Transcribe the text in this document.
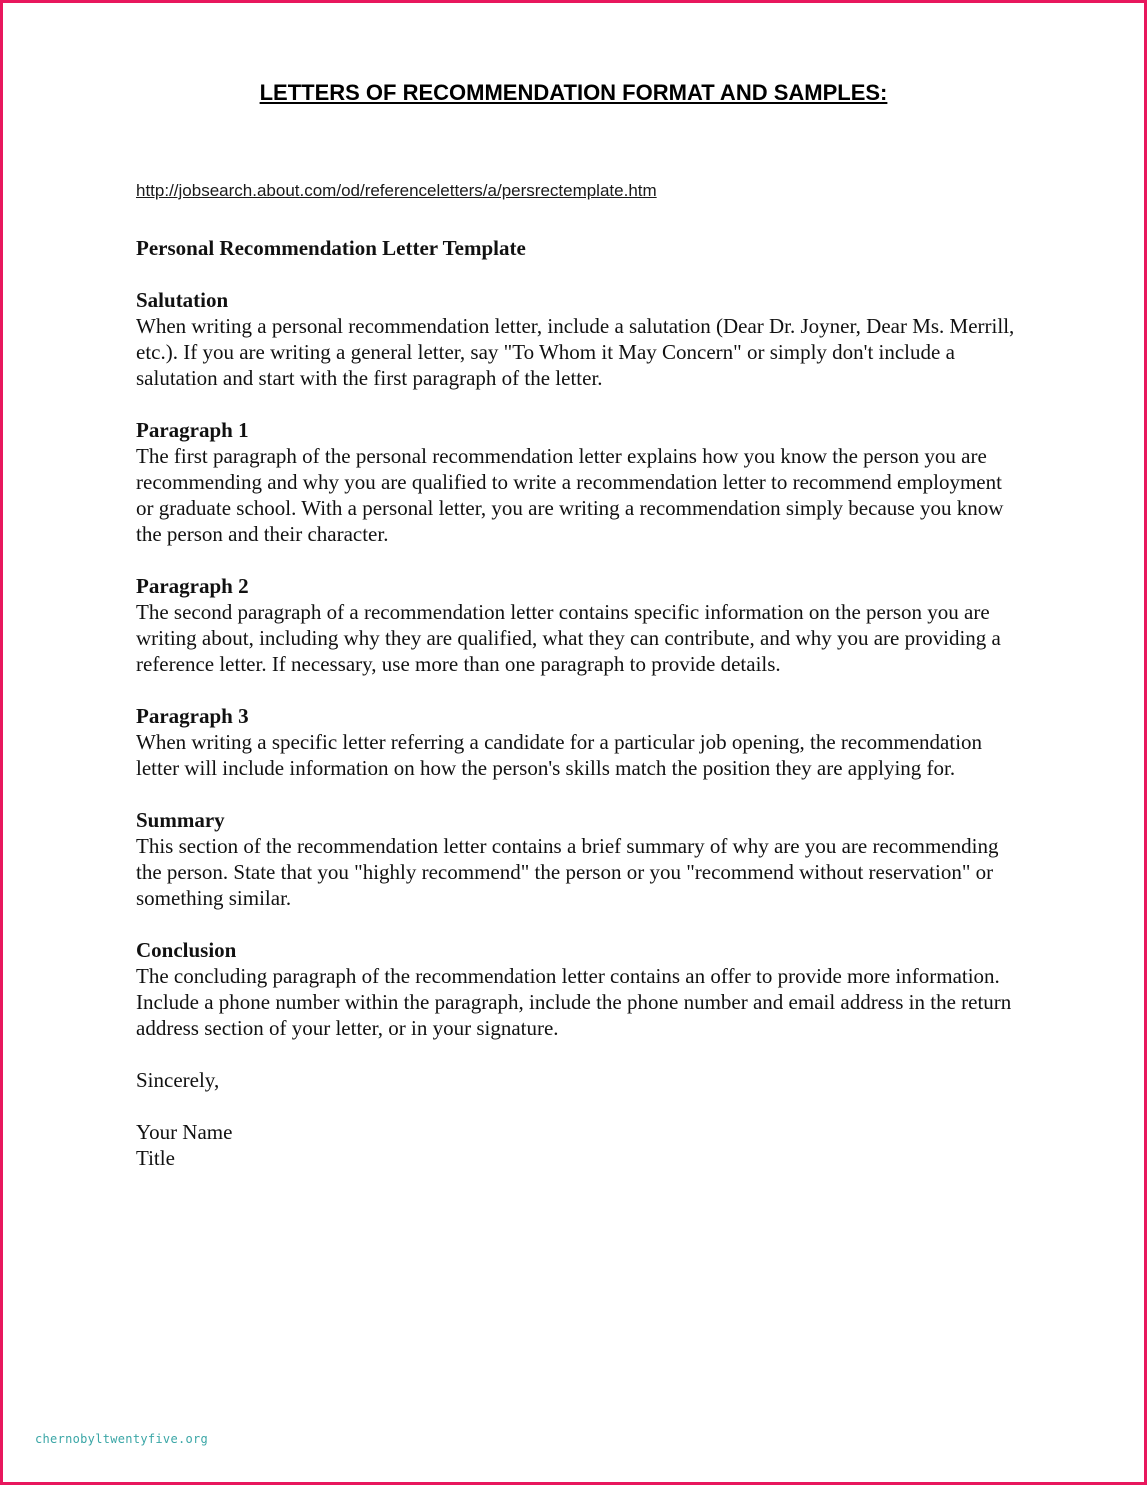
LETTERS OF RECOMMENDATION FORMAT AND SAMPLES:
http://jobsearch.about.com/od/referenceletters/a/persrectemplate.htm

Personal Recommendation Letter Template

Salutation

When writing a personal recommendation letter, include a salutation (Dear Dr. Joyner, Dear Ms. Merrill, etc.). If you are writing a general letter, say "To Whom it May Concern" or simply don't include a salutation and start with the first paragraph of the letter.

Paragraph 1

The first paragraph of the personal recommendation letter explains how you know the person you are recommending and why you are qualified to write a recommendation letter to recommend employment or graduate school. With a personal letter, you are writing a recommendation simply because you know the person and their character.

Paragraph 2

The second paragraph of a recommendation letter contains specific information on the person you are writing about, including why they are qualified, what they can contribute, and why you are providing a reference letter. If necessary, use more than one paragraph to provide details.

Paragraph 3

When writing a specific letter referring a candidate for a particular job opening, the recommendation letter will include information on how the person's skills match the position they are applying for.

Summary

This section of the recommendation letter contains a brief summary of why are you are recommending the person. State that you "highly recommend" the person or you "recommend without reservation" or something similar.

Conclusion

The concluding paragraph of the recommendation letter contains an offer to provide more information. Include a phone number within the paragraph, include the phone number and email address in the return address section of your letter, or in your signature.

Sincerely,

Your Name

Title

chernobyltwentyfive.org
